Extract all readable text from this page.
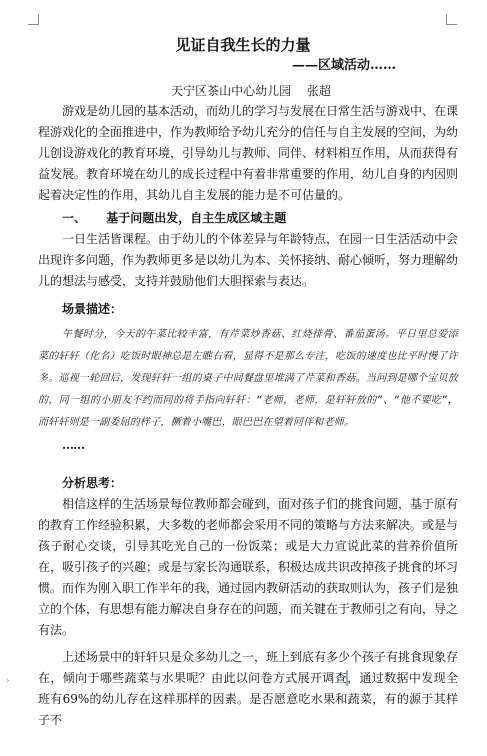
›
见证自我生长的力量
——区域活动……
天宁区茶山中心幼儿园 张超

游戏是幼儿园的基本活动，而幼儿的学习与发展在日常生活与游戏中、在课程游戏化的全面推进中，作为教师给予幼儿充分的信任与自主发展的空间，为幼儿创设游戏化的教育环境，引导幼儿与教师、同伴、材料相互作用，从而获得有益发展。教育环境在幼儿的成长过程中有着非常重要的作用，幼儿自身的内因则起着决定性的作用，其幼儿自主发展的能力是不可估量的。

一、 基于问题出发，自主生成区域主题

一日生活皆课程。由于幼儿的个体差异与年龄特点，在园一日生活活动中会出现许多问题，作为教师更多是以幼儿为本、关怀接纳、耐心倾听，努力理解幼儿的想法与感受，支持并鼓励他们大胆探索与表达。

场景描述：

午餐时分，今天的午菜比较丰富，有芹菜炒香菇、红烧排骨、番茄蛋汤。平日里总爱添菜的轩轩（化名）吃饭时眼神总是左瞧右看，显得不是那么专注，吃饭的速度也比平时慢了许多。巡视一轮回后，发现轩轩一组的桌子中间餐盘里堆满了芹菜和香菇。当问到是哪个宝贝放的，同一组的小朋友不约而同的将手指向轩轩：“老师，老师，是轩轩放的”、“他不要吃”，而轩轩则是一副委屈的样子，撅着小嘴巴，眼巴巴在望着同伴和老师。

……
分析思考：

相信这样的生活场景每位教师都会碰到，面对孩子们的挑食问题，基于原有的教育工作经验积累，大多数的老师都会采用不同的策略与方法来解决。或是与孩子耐心交谈，引导其吃光自己的一份饭菜；或是大力宣说此菜的营养价值所在，吸引孩子的兴趣；或是与家长沟通联系，积极达成共识改掉孩子挑食的坏习惯。而作为刚入职工作半年的我，通过园内教研活动的获取则认为，孩子们是独立的个体，有思想有能力解决自身存在的问题，而关键在于教师引之有向，导之有法。

上述场景中的轩轩只是众多幼儿之一，班上到底有多少个孩子有挑食现象存在，倾向于哪些蔬菜与水果呢？由此以问卷方式展开调查，通过数据中发现全班有69%的幼儿存在这样那样的因素。是否愿意吃水果和蔬菜，有的源于其样子不
